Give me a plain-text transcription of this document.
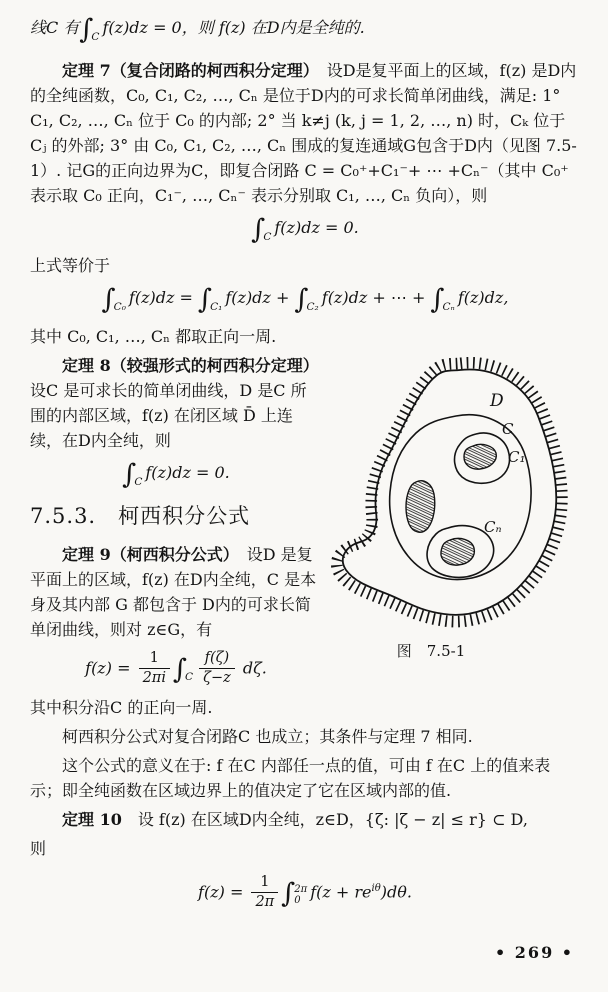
线C 有$\int_C$ f(z)dz = 0，则 f(z) 在D内是全纯的.

定理 7（复合闭路的柯西积分定理）　设D是复平面上的区域，f(z) 是D内的全纯函数，C₀, C₁, C₂, …, Cₙ 是位于D内的可求长简单闭曲线，满足: 1° C₁, C₂, …, Cₙ 位于 C₀ 的内部; 2° 当 k≠j (k, j = 1, 2, …, n) 时，Cₖ 位于 Cⱼ 的外部; 3° 由 C₀, C₁, C₂, …, Cₙ 围成的复连通域G包含于D内（见图 7.5-1）. 记G的正向边界为C，即复合闭路 C = C₀⁺+C₁⁻+ ⋯ +Cₙ⁻（其中 C₀⁺ 表示取 C₀ 正向，C₁⁻, …, Cₙ⁻ 表示分别取 C₁, …, Cₙ 负向），则

$\int_C$ f(z)dz = 0.

上式等价于

$\int_{C_0}$ $f(z)dz = \int_{C_1}$ $f(z)dz + \int_{C_2}$ f(z)dz + ⋯ + $\int_{C_n}$ f(z)dz,

其中 C₀, C₁, …, Cₙ 都取正向一周.

定理 8（较强形式的柯西积分定理）设C 是可求长的简单闭曲线，D 是C 所围的内部区域，f(z) 在闭区域 D̄ 上连续，在D内全纯，则

$\int_C$ f(z)dz = 0.
7.5.3.　柯西积分公式

定理 9（柯西积分公式）　设D 是复平面上的区域，f(z) 在D内全纯，C 是本身及其内部 G 都包含于 D内的可求长简单闭曲线，则对 z∈G，有

$f(z) = \frac{1}{2\pi i} \int_C \frac{f(\zeta)}{\zeta-z} d\zeta$.
D
C
C₁
Cₙ
图　7.5-1

其中积分沿C 的正向一周.

柯西积分公式对复合闭路C 也成立；其条件与定理 7 相同.

这个公式的意义在于: f 在C 内部任一点的值，可由 f 在C 上的值来表示；即全纯函数在区域边界上的值决定了它在区域内部的值.

定理 10　设 f(z) 在区域D内全纯，z∈D，{ζ: |ζ − z| ≤ r} ⊂ D,

则

$f(z) = \frac{1}{2\pi}$ ∫ 2π
0 $f(z + re^{i\theta})d\theta$.
• 269 •
